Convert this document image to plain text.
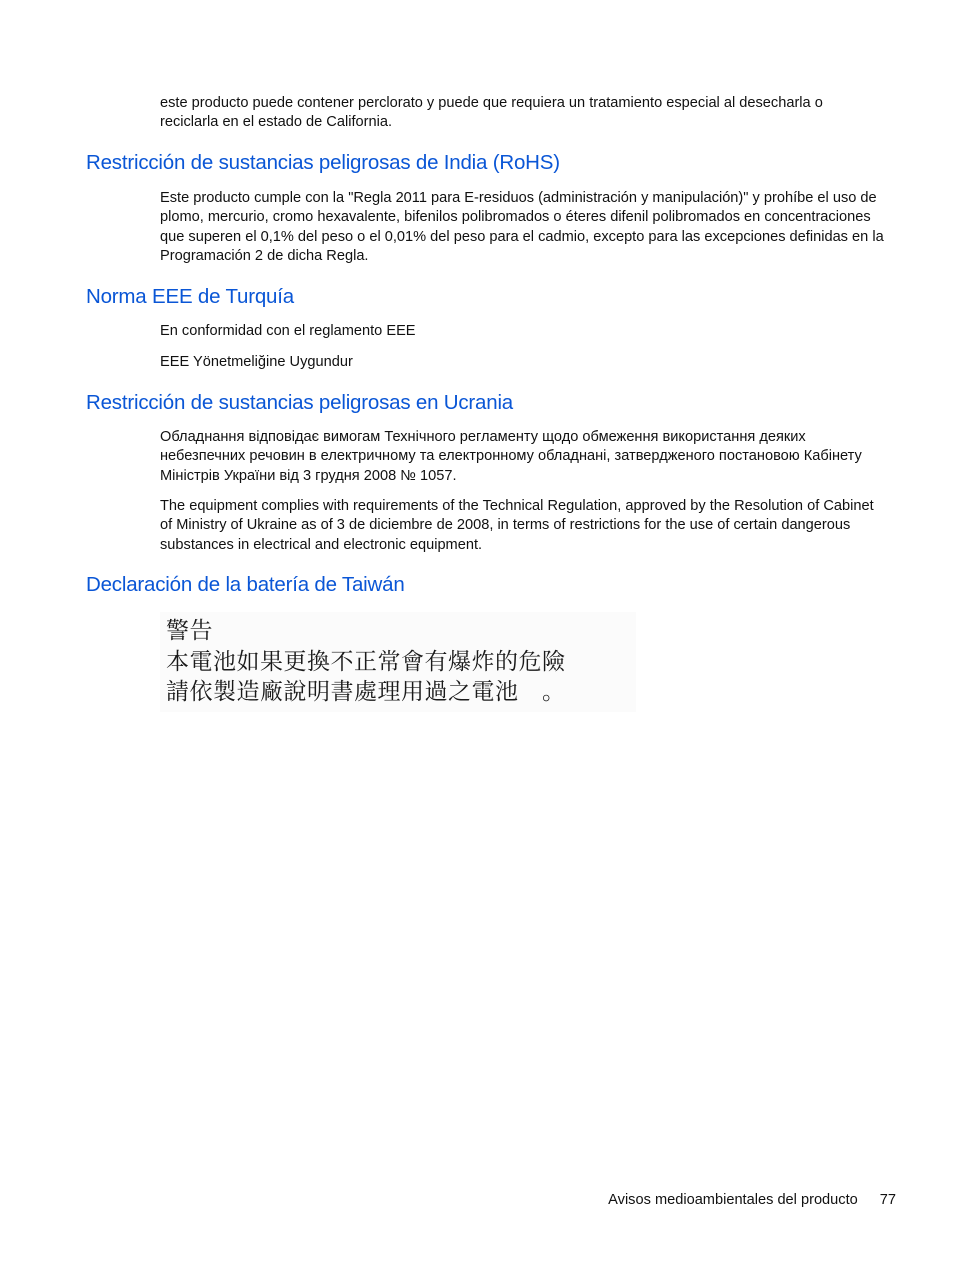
este producto puede contener perclorato y puede que requiera un tratamiento especial al desecharla o reciclarla en el estado de California.

Restricción de sustancias peligrosas de India (RoHS)

Este producto cumple con la "Regla 2011 para E-residuos (administración y manipulación)" y prohíbe el uso de plomo, mercurio, cromo hexavalente, bifenilos polibromados o éteres difenil polibromados en concentraciones que superen el 0,1% del peso o el 0,01% del peso para el cadmio, excepto para las excepciones definidas en la Programación 2 de dicha Regla.

Norma EEE de Turquía

En conformidad con el reglamento EEE

EEE Yönetmeliğine Uygundur

Restricción de sustancias peligrosas en Ucrania

Обладнання відповідає вимогам Технічного регламенту щодо обмеження використання деяких небезпечних речовин в електричному та електронному обладнані, затвердженого постановою Кабінету Міністрів України від 3 грудня 2008 № 1057.

The equipment complies with requirements of the Technical Regulation, approved by the Resolution of Cabinet of Ministry of Ukraine as of 3 de diciembre de 2008, in terms of restrictions for the use of certain dangerous substances in electrical and electronic equipment.

Declaración de la batería de Taiwán
警告
本電池如果更換不正常會有爆炸的危險
請依製造廠說明書處理用過之電池　。
Avisos medioambientales del producto 77
